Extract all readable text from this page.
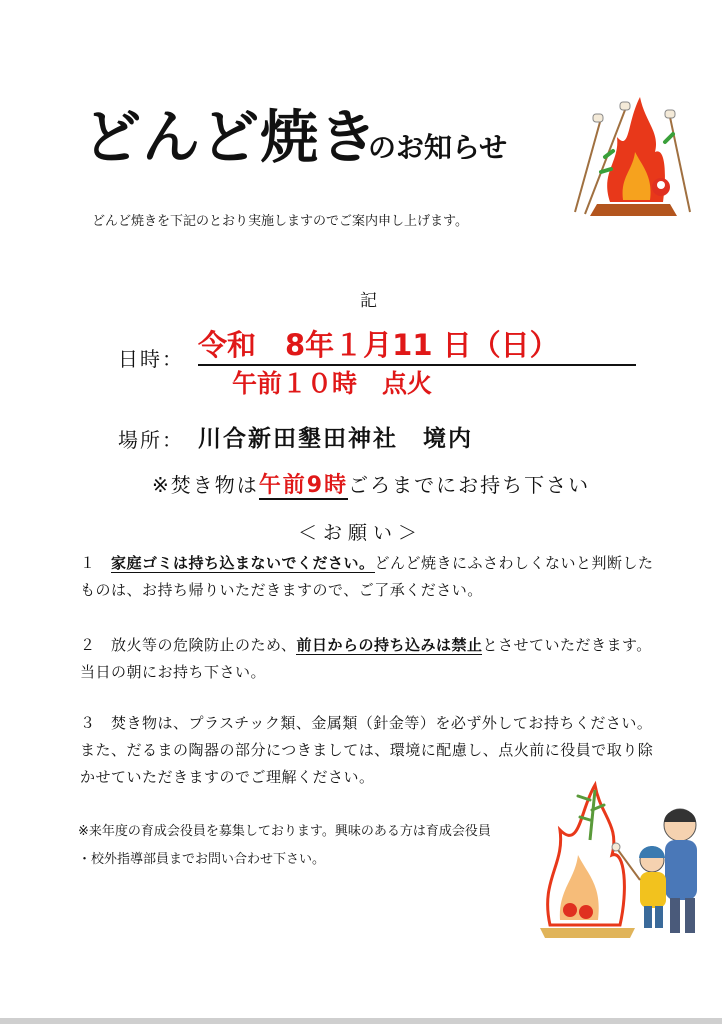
どんど焼き
のお知らせ
どんど焼きを下記のとおり実施しますのでご案内申し上げます。
記
日時： 令和　8年１月11 日（日）
午前１０時　点火
場所： 川合新田墾田神社　境内
※焚き物は午前9時ごろまでにお持ち下さい
＜お願い＞
１　 家庭ゴミは持ち込まないでください。どんど焼きにふさわしくないと判断したものは、お持ち帰りいただきますので、ご了承ください。
２　 放火等の危険防止のため、前日からの持ち込みは禁止とさせていただきます。当日の朝にお持ち下さい。
３　 焚き物は、プラスチック類、金属類（針金等）を必ず外してお持ちください。また、だるまの陶器の部分につきましては、環境に配慮し、点火前に役員で取り除かせていただきますのでご理解ください。
※来年度の育成会役員を募集しております。興味のある方は育成会役員
・校外指導部員までお問い合わせ下さい。
